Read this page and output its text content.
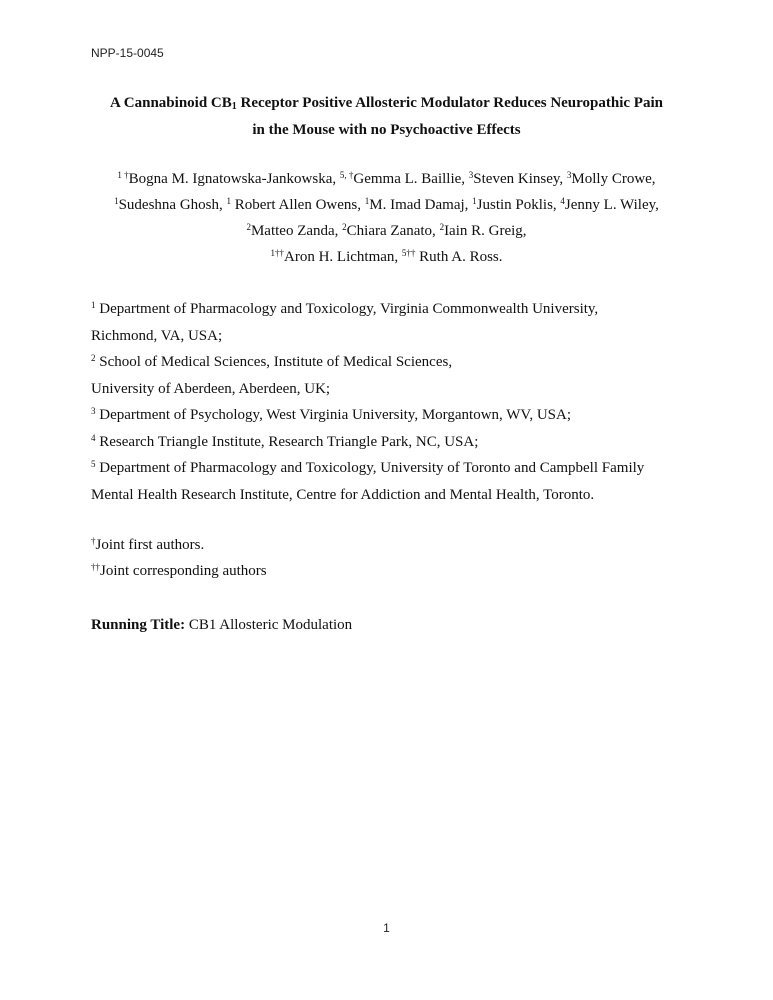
NPP-15-0045
A Cannabinoid $CB_1$ Receptor Positive Allosteric Modulator Reduces Neuropathic Pain
in the Mouse with no Psychoactive Effects
$^{1 \dagger}$Bogna M. Ignatowska-Jankowska, $^{5, \dagger}$Gemma L. Baillie, $^3$Steven Kinsey, $^3$Molly Crowe,
$^1$Sudeshna Ghosh, $^1$ Robert Allen Owens, $^1$M. Imad Damaj, $^1$Justin Poklis, $^4$Jenny L. Wiley,
$^2$Matteo Zanda, $^2$Chiara Zanato, $^2$Iain R. Greig,
$^{1\dagger\dagger}$Aron H. Lichtman, $^{5\dagger\dagger}$ Ruth A. Ross.
$^1$ Department of Pharmacology and Toxicology, Virginia Commonwealth University,
Richmond, VA, USA;
$^2$ School of Medical Sciences, Institute of Medical Sciences,
University of Aberdeen, Aberdeen, UK;
$^3$ Department of Psychology, West Virginia University, Morgantown, WV, USA;
$^4$ Research Triangle Institute, Research Triangle Park, NC, USA;
$^5$ Department of Pharmacology and Toxicology, University of Toronto and Campbell Family
Mental Health Research Institute, Centre for Addiction and Mental Health, Toronto.
†Joint first authors.
††Joint corresponding authors
Running Title: CB1 Allosteric Modulation
1
